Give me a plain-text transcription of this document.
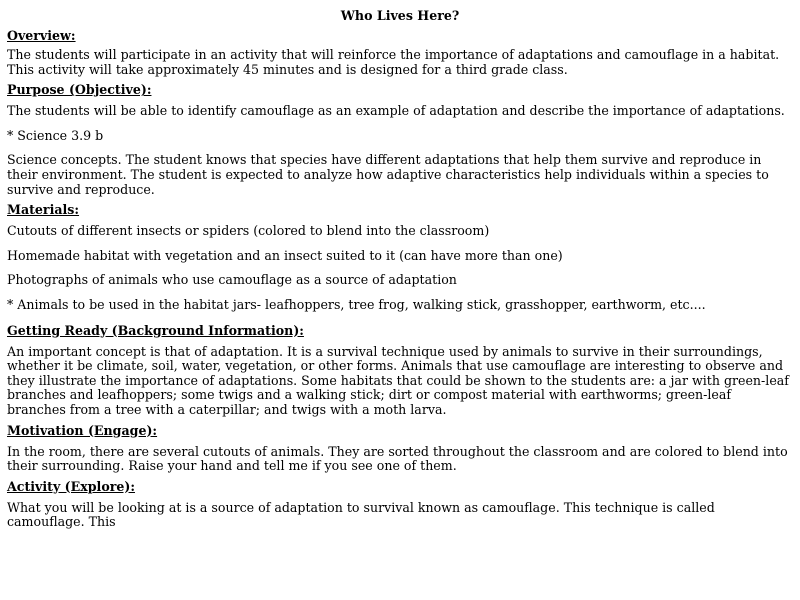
Who Lives Here?
Overview:

The students will participate in an activity that will reinforce the importance of adaptations and camouflage in a habitat. This activity will take approximately 45 minutes and is designed for a third grade class.

Purpose (Objective):

The students will be able to identify camouflage as an example of adaptation and describe the importance of adaptations.

* Science 3.9 b

Science concepts. The student knows that species have different adaptations that help them survive and reproduce in their environment. The student is expected to analyze how adaptive characteristics help individuals within a species to survive and reproduce.

Materials:

Cutouts of different insects or spiders (colored to blend into the classroom)

Homemade habitat with vegetation and an insect suited to it (can have more than one)

Photographs of animals who use camouflage as a source of adaptation

* Animals to be used in the habitat jars- leafhoppers, tree frog, walking stick, grasshopper, earthworm, etc....

Getting Ready (Background Information):

An important concept is that of adaptation. It is a survival technique used by animals to survive in their surroundings, whether it be climate, soil, water, vegetation, or other forms. Animals that use camouflage are interesting to observe and they illustrate the importance of adaptations. Some habitats that could be shown to the students are: a jar with green-leaf branches and leafhoppers; some twigs and a walking stick; dirt or compost material with earthworms; green-leaf branches from a tree with a caterpillar; and twigs with a moth larva.

Motivation (Engage):

In the room, there are several cutouts of animals. They are sorted throughout the classroom and are colored to blend into their surrounding. Raise your hand and tell me if you see one of them.

Activity (Explore):

What you will be looking at is a source of adaptation to survival known as camouflage. This technique is called camouflage. This
